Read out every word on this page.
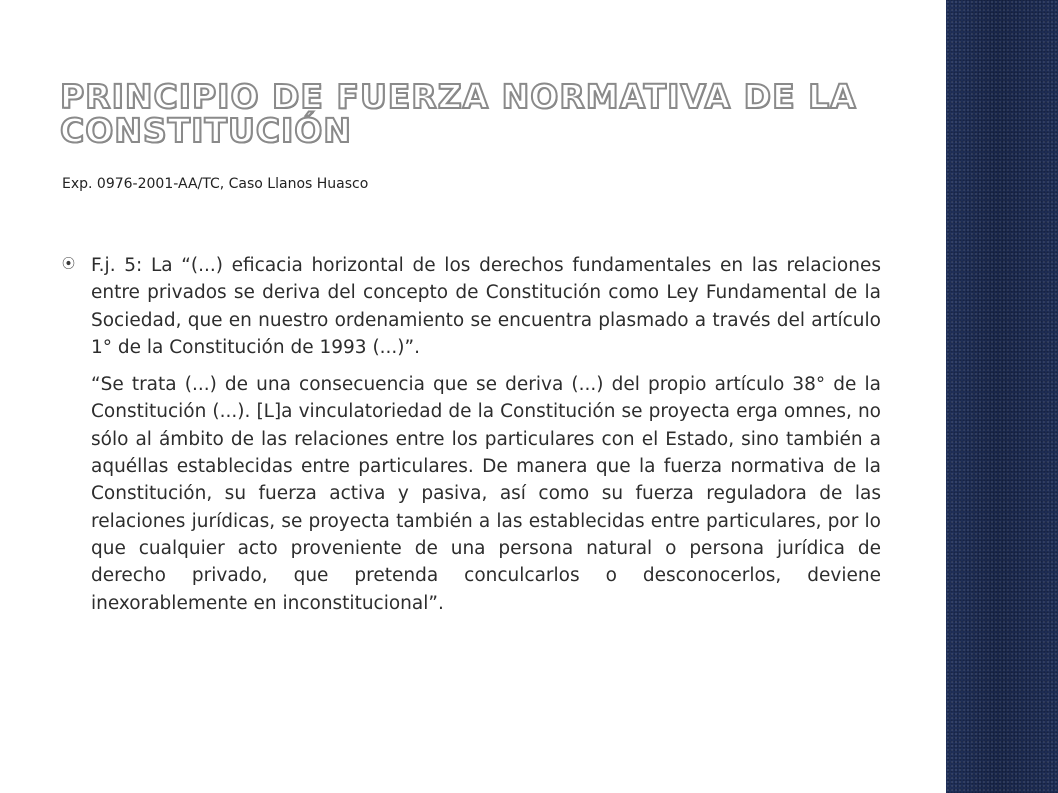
PRINCIPIO DE FUERZA NORMATIVA DE LA CONSTITUCIÓN
Exp. 0976-2001-AA/TC, Caso Llanos Huasco
⦿ F.j. 5: La “(...) eficacia horizontal de los derechos fundamentales en las relaciones entre privados se deriva del concepto de Constitución como Ley Fundamental de la Sociedad, que en nuestro ordenamiento se encuentra plasmado a través del artículo 1° de la Constitución de 1993 (...)”.

“Se trata (...) de una consecuencia que se deriva (...) del propio artículo 38° de la Constitución (...). [L]a vinculatoriedad de la Constitución se proyecta erga omnes, no sólo al ámbito de las relaciones entre los particulares con el Estado, sino también a aquéllas establecidas entre particulares. De manera que la fuerza normativa de la Constitución, su fuerza activa y pasiva, así como su fuerza reguladora de las relaciones jurídicas, se proyecta también a las establecidas entre particulares, por lo que cualquier acto proveniente de una persona natural o persona jurídica de derecho privado, que pretenda conculcarlos o desconocerlos, deviene inexorablemente en inconstitucional”.
